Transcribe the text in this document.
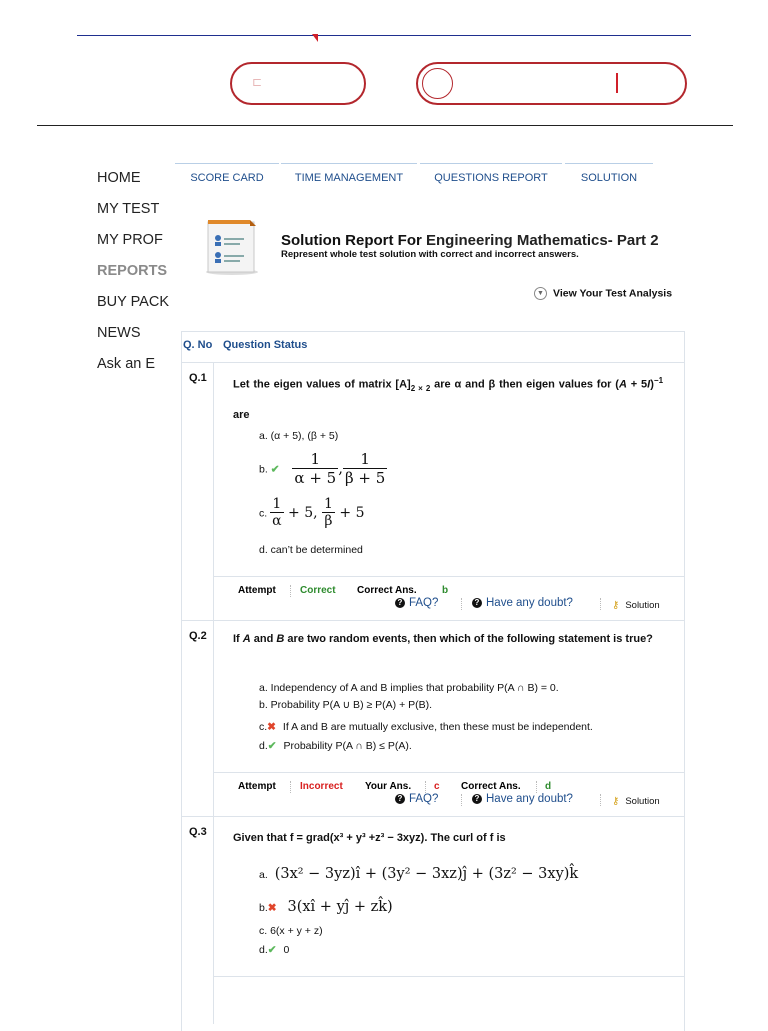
⊏
HOME
MY TEST
MY PROF
REPORTS
BUY PACK
NEWS
Ask an E
SCORE CARD	TIME MANAGEMENT	QUESTIONS REPORT	SOLUTION
Solution Report For Engineering Mathematics- Part 2
Represent whole test solution with correct and incorrect answers.
▼ View Your Test Analysis
Q. No Question Status
Q.1
Let the eigen values of matrix $[A]_{2 \times 2}$ are α and β then eigen values for $(A + 5I)^{-1}$ are
a. (α + 5), (β + 5)
b. ✔ $\frac{1}{\alpha + 5}$ , $\frac{1}{\beta + 5}$
c. $\frac{1}{\alpha} + 5$, $\frac{1}{\beta} + 5$
d. can’t be determined
Attempt Correct Correct Ans.	b
? FAQ?	? Have any doubt?	⚷ Solution
Q.2 If A and B are two random events, then which of the following statement is true?
a. Independency of A and B implies that probability P(A ∩ B) = 0.
b. Probability P(A ∪ B) ≥ P(A) + P(B).
c.✖ If A and B are mutually exclusive, then these must be independent.
d.✔ Probability P(A ∩ B) ≤ P(A).
Attempt Incorrect Your Ans. c Correct Ans. d
? FAQ?	? Have any doubt?	⚷ Solution
Q.3 Given that f = grad(x³ + y³ +z³ − 3xyz). The curl of f is
a. (3x² − 3yz)î + (3y² − 3xz)ĵ + (3z² − 3xy)k̂
b.✖ 3(xî + yĵ + zk̂)
c. 6(x + y + z)
d.✔ 0
